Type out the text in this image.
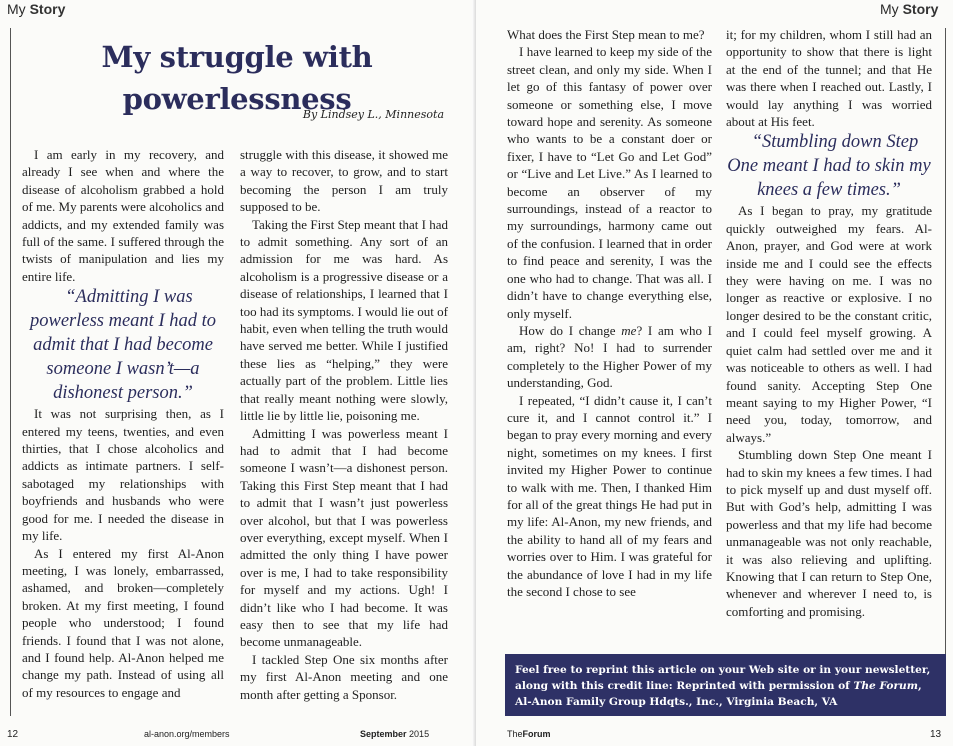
My Story
My struggle with powerlessness
By Lindsey L., Minnesota

I am early in my recovery, and already I see when and where the disease of alcoholism grabbed a hold of me. My parents were alcoholics and addicts, and my extended family was full of the same. I suffered through the twists of manipulation and lies my entire life.

“Admitting I was powerless meant I had to admit that I had become someone I wasn’t—a dishonest person.”

It was not surprising then, as I entered my teens, twenties, and even thirties, that I chose alcoholics and addicts as intimate partners. I self-sabotaged my relationships with boyfriends and husbands who were good for me. I needed the disease in my life.

As I entered my first Al-Anon meeting, I was lonely, embarrassed, ashamed, and broken—completely broken. At my first meeting, I found people who understood; I found friends. I found that I was not alone, and I found help. Al-Anon helped me change my path. Instead of using all of my resources to engage and

struggle with this disease, it showed me a way to recover, to grow, and to start becoming the person I am truly supposed to be.

Taking the First Step meant that I had to admit something. Any sort of an admission for me was hard. As alcoholism is a progressive disease or a disease of relationships, I learned that I too had its symptoms. I would lie out of habit, even when telling the truth would have served me better. While I justified these lies as “helping,” they were actually part of the problem. Little lies that really meant nothing were slowly, little lie by little lie, poisoning me.

Admitting I was powerless meant I had to admit that I had become someone I wasn’t—a dishonest person. Taking this First Step meant that I had to admit that I wasn’t just powerless over alcohol, but that I was powerless over everything, except myself. When I admitted the only thing I have power over is me, I had to take responsibility for myself and my actions. Ugh! I didn’t like who I had become. It was easy then to see that my life had become unmanageable.

I tackled Step One six months after my first Al-Anon meeting and one month after getting a Sponsor.

12	al-anon.org/members	September 2015
My Story

What does the First Step mean to me?

I have learned to keep my side of the street clean, and only my side. When I let go of this fantasy of power over someone or something else, I move toward hope and serenity. As someone who wants to be a constant doer or fixer, I have to “Let Go and Let God” or “Live and Let Live.” As I learned to become an observer of my surroundings, instead of a reactor to my surroundings, harmony came out of the confusion. I learned that in order to find peace and serenity, I was the one who had to change. That was all. I didn’t have to change everything else, only myself.

How do I change me? I am who I am, right? No! I had to surrender completely to the Higher Power of my understanding, God.

I repeated, “I didn’t cause it, I can’t cure it, and I cannot control it.” I began to pray every morning and every night, sometimes on my knees. I first invited my Higher Power to continue to walk with me. Then, I thanked Him for all of the great things He had put in my life: Al-Anon, my new friends, and the ability to hand all of my fears and worries over to Him. I was grateful for the abundance of love I had in my life the second I chose to see

it; for my children, whom I still had an opportunity to show that there is light at the end of the tunnel; and that He was there when I reached out. Lastly, I would lay anything I was worried about at His feet.

“Stumbling down Step One meant I had to skin my knees a few times.”

As I began to pray, my gratitude quickly outweighed my fears. Al-Anon, prayer, and God were at work inside me and I could see the effects they were having on me. I was no longer as reactive or explosive. I no longer desired to be the constant critic, and I could feel myself growing. A quiet calm had settled over me and it was noticeable to others as well. I had found sanity. Accepting Step One meant saying to my Higher Power, “I need you, today, tomorrow, and always.”

Stumbling down Step One meant I had to skin my knees a few times. I had to pick myself up and dust myself off. But with God’s help, admitting I was powerless and that my life had become unmanageable was not only reachable, it was also relieving and uplifting. Knowing that I can return to Step One, whenever and wherever I need to, is comforting and promising.

TheForum	13
Feel free to reprint this article on your Web site or in your newsletter,
along with this credit line: Reprinted with permission of The Forum,
Al-Anon Family Group Hdqts., Inc., Virginia Beach, VA
